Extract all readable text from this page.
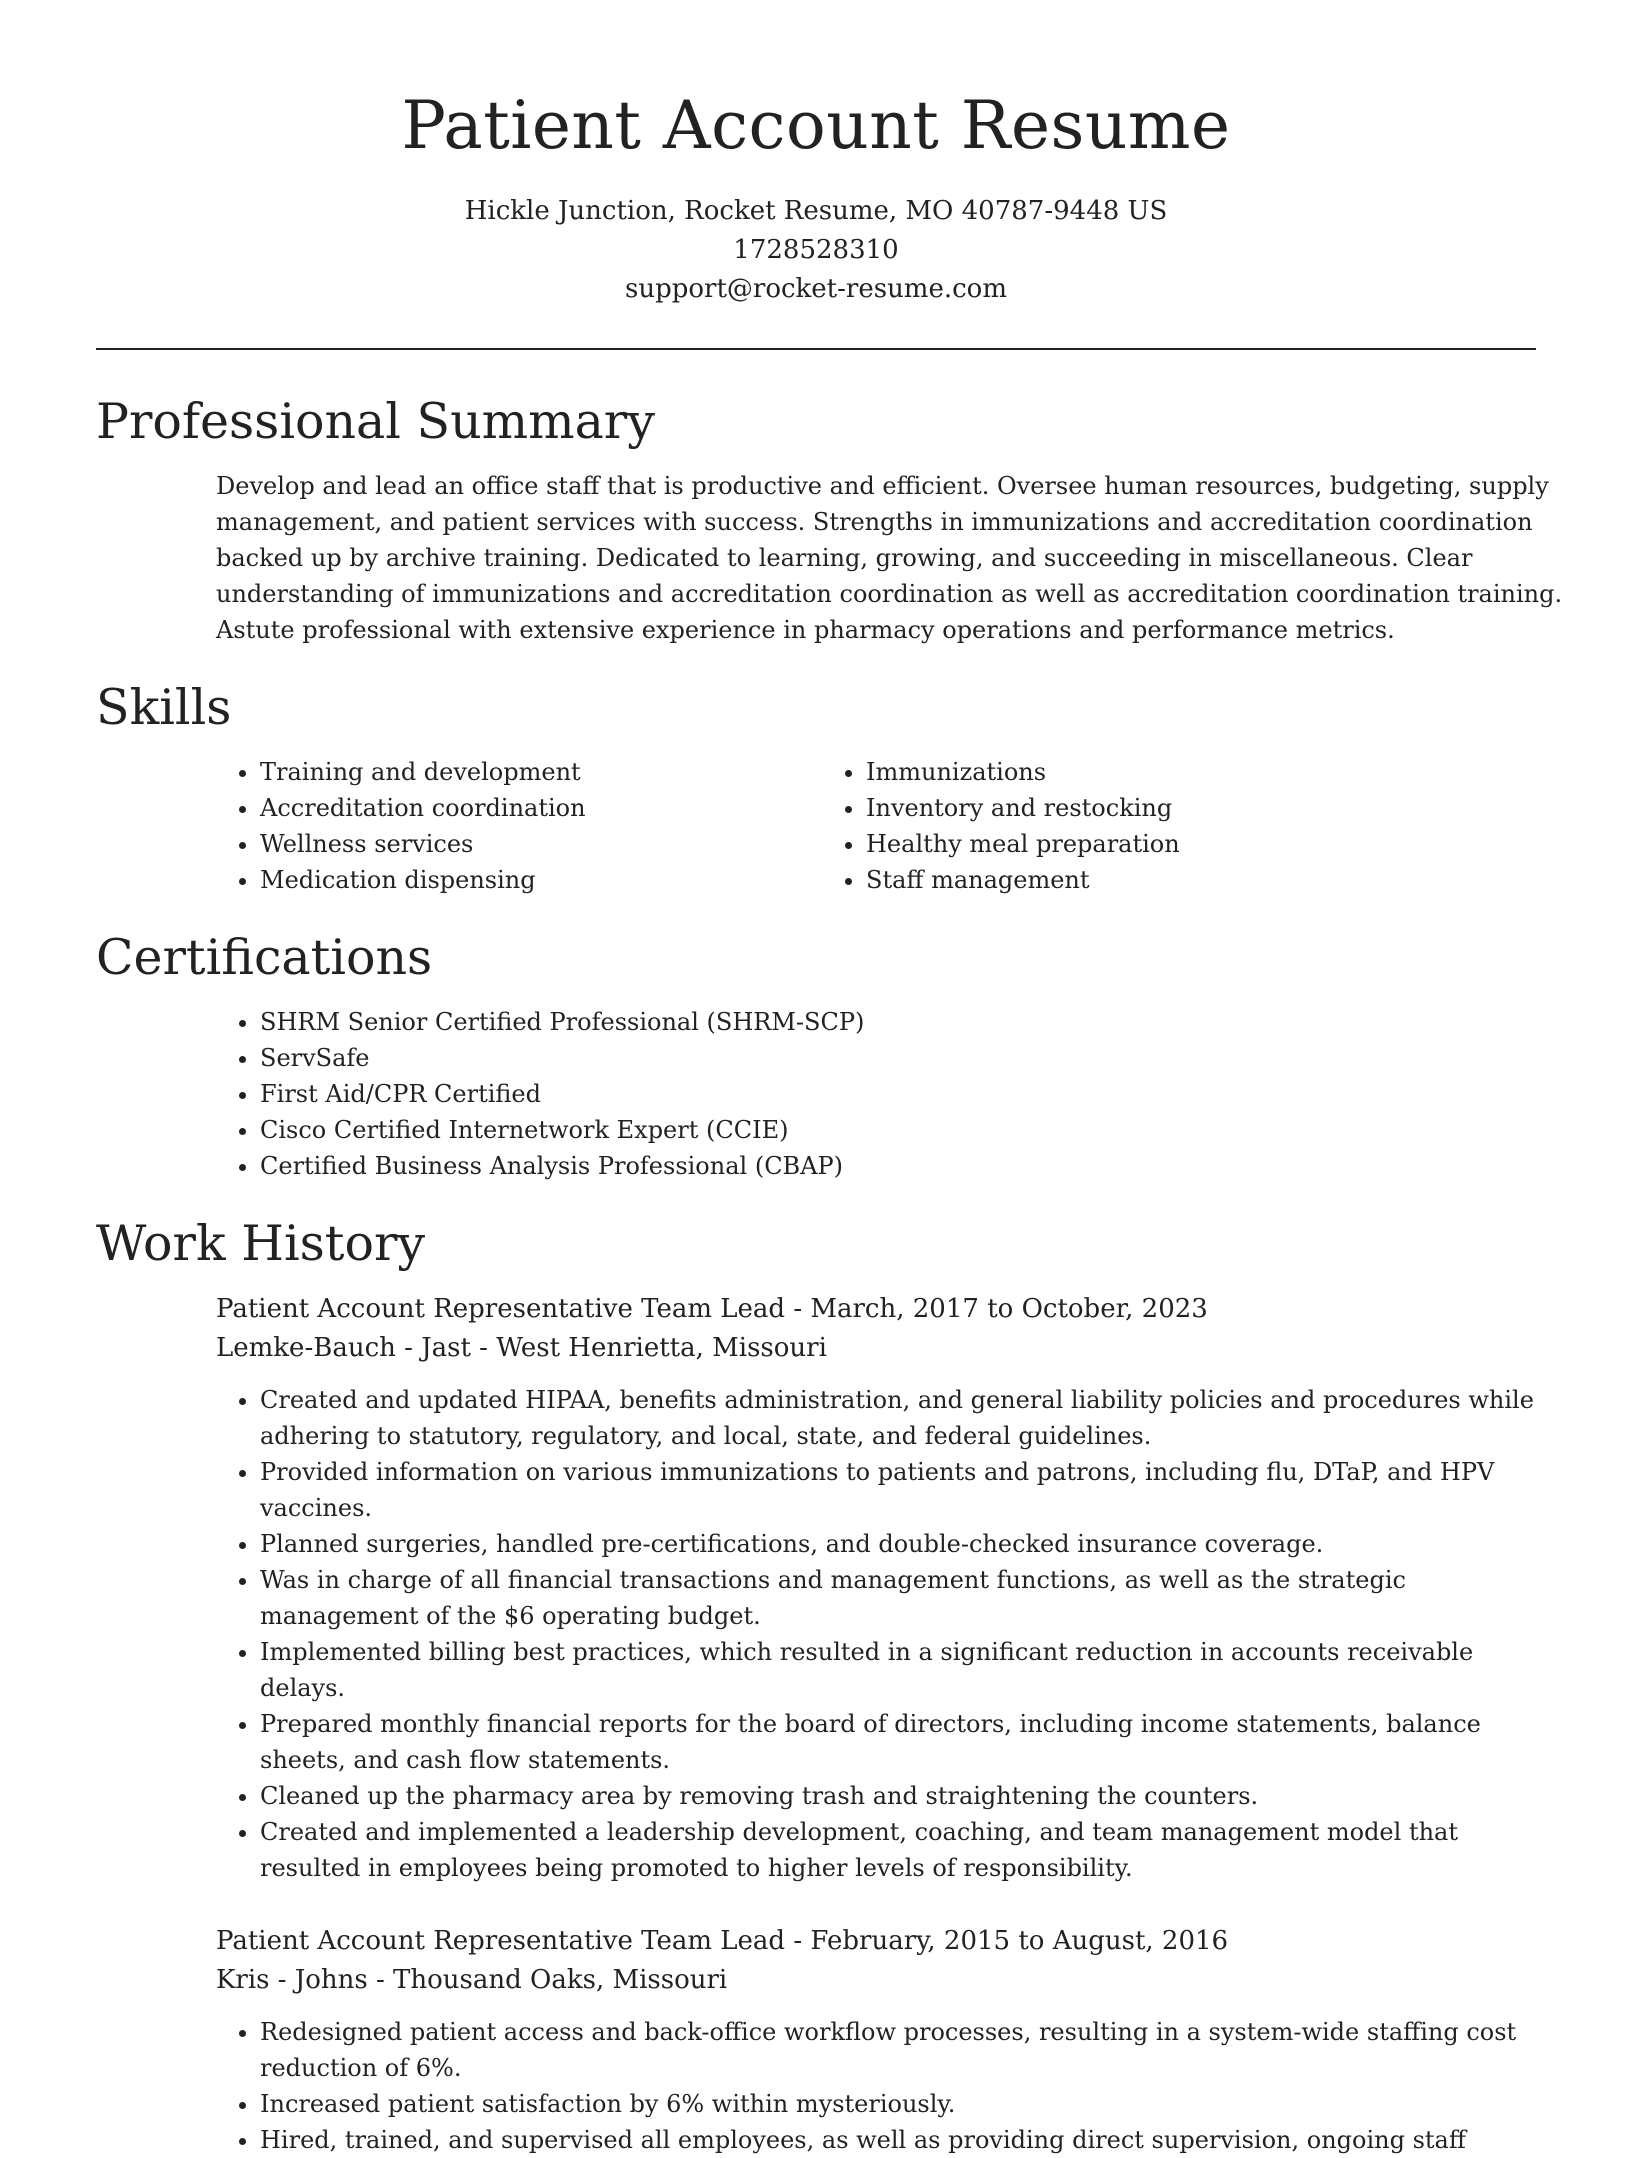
Patient Account Resume
Hickle Junction, Rocket Resume, MO 40787-9448 US
1728528310
support@rocket-resume.com
Professional Summary
Develop and lead an office staff that is productive and efficient. Oversee human resources, budgeting, supply
management, and patient services with success. Strengths in immunizations and accreditation coordination
backed up by archive training. Dedicated to learning, growing, and succeeding in miscellaneous. Clear
understanding of immunizations and accreditation coordination as well as accreditation coordination training.
Astute professional with extensive experience in pharmacy operations and performance metrics.
Skills
• Training and development
• Accreditation coordination
• Wellness services
• Medication dispensing
• Immunizations
• Inventory and restocking
• Healthy meal preparation
• Staff management
Certifications
• SHRM Senior Certified Professional (SHRM-SCP)
• ServSafe
• First Aid/CPR Certified
• Cisco Certified Internetwork Expert (CCIE)
• Certified Business Analysis Professional (CBAP)
Work History
Patient Account Representative Team Lead - March, 2017 to October, 2023
Lemke-Bauch - Jast - West Henrietta, Missouri
• Created and updated HIPAA, benefits administration, and general liability policies and procedures while adhering to statutory, regulatory, and local, state, and federal guidelines.
• Provided information on various immunizations to patients and patrons, including flu, DTaP, and HPV vaccines.
• Planned surgeries, handled pre-certifications, and double-checked insurance coverage.
• Was in charge of all financial transactions and management functions, as well as the strategic management of the $6 operating budget.
• Implemented billing best practices, which resulted in a significant reduction in accounts receivable delays.
• Prepared monthly financial reports for the board of directors, including income statements, balance sheets, and cash flow statements.
• Cleaned up the pharmacy area by removing trash and straightening the counters.
• Created and implemented a leadership development, coaching, and team management model that resulted in employees being promoted to higher levels of responsibility.
Patient Account Representative Team Lead - February, 2015 to August, 2016
Kris - Johns - Thousand Oaks, Missouri
• Redesigned patient access and back-office workflow processes, resulting in a system-wide staffing cost reduction of 6%.
• Increased patient satisfaction by 6% within mysteriously.
• Hired, trained, and supervised all employees, as well as providing direct supervision, ongoing staff
